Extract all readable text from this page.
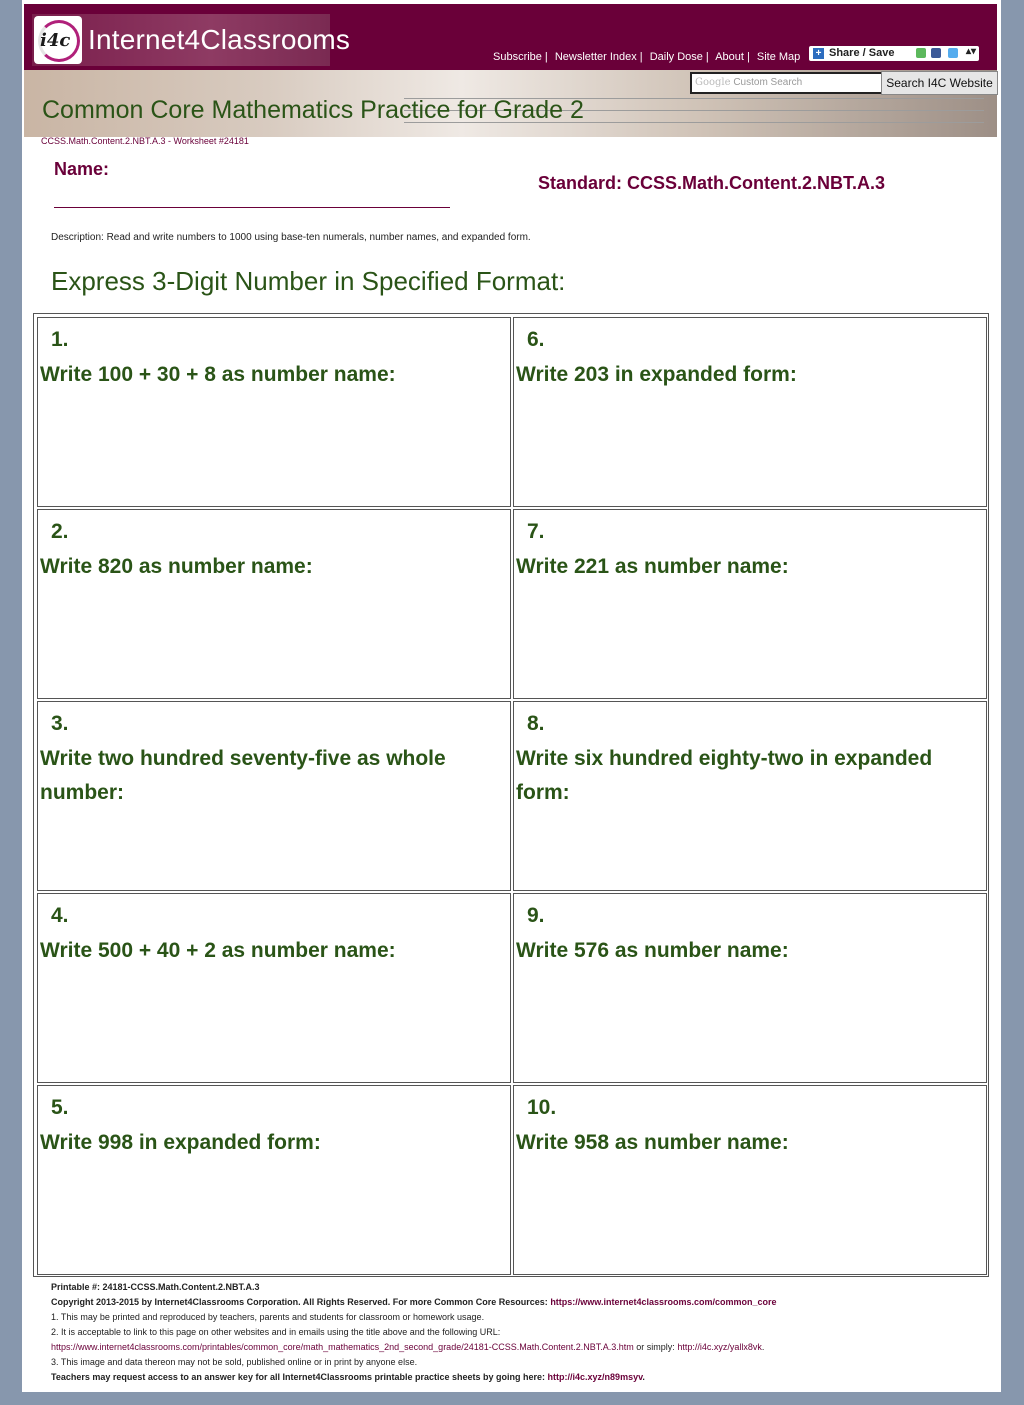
i4c Internet4Classrooms
Subscribe | Newsletter Index | Daily Dose | About | Site Map + Share / Save	▴▾
Common Core Mathematics Practice for Grade 2
Google Custom Search	Search I4C Website
CCSS.Math.Content.2.NBT.A.3 - Worksheet #24181
Name:
Standard: CCSS.Math.Content.2.NBT.A.3
Description: Read and write numbers to 1000 using base-ten numerals, number names, and expanded form.
Express 3-Digit Number in Specified Format:
1.
Write 100 + 30 + 8 as number name:
2.
Write 820 as number name:
3.
Write two hundred seventy-five as whole number:
4.
Write 500 + 40 + 2 as number name:
5.
Write 998 in expanded form:
6.
Write 203 in expanded form:
7.
Write 221 as number name:
8.
Write six hundred eighty-two in expanded form:
9.
Write 576 as number name:
10.
Write 958 as number name:
Printable #: 24181-CCSS.Math.Content.2.NBT.A.3
Copyright 2013-2015 by Internet4Classrooms Corporation. All Rights Reserved. For more Common Core Resources: https://www.internet4classrooms.com/common_core
1. This may be printed and reproduced by teachers, parents and students for classroom or homework usage.
2. It is acceptable to link to this page on other websites and in emails using the title above and the following URL:
https://www.internet4classrooms.com/printables/common_core/math_mathematics_2nd_second_grade/24181-CCSS.Math.Content.2.NBT.A.3.htm or simply: http://i4c.xyz/yallx8vk.
3. This image and data thereon may not be sold, published online or in print by anyone else.
Teachers may request access to an answer key for all Internet4Classrooms printable practice sheets by going here: http://i4c.xyz/n89msyv.
